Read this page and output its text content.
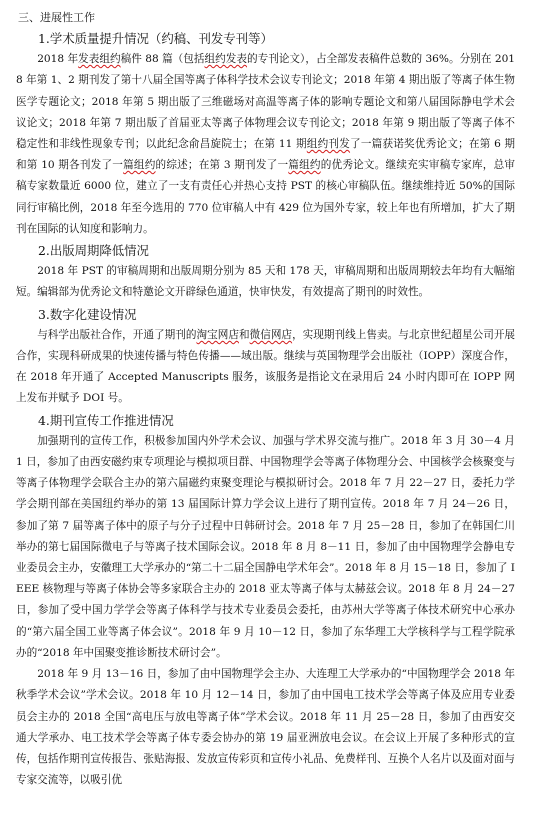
三、进展性工作
1.学术质量提升情况（约稿、刊发专刊等）

2018 年发表组约稿件 88 篇（包括组约发表的专刊论文），占全部发表稿件总数的 36%。分别在 2018 年第 1、2 期刊发了第十八届全国等离子体科学技术会议专刊论文；2018 年第 4 期出版了等离子体生物医学专题论文；2018 年第 5 期出版了三维磁场对高温等离子体的影响专题论文和第八届国际静电学术会议论文；2018 年第 7 期出版了首届亚太等离子体物理会议专刊论文；2018 年第 9 期出版了等离子体不稳定性和非线性现象专刊；以此纪念俞昌旋院士；在第 11 期组约刊发了一篇获诺奖优秀论文；在第 6 期和第 10 期各刊发了一篇组约的综述；在第 3 期刊发了一篇组约的优秀论文。继续充实审稿专家库，总审稿专家数量近 6000 位，建立了一支有责任心并热心支持 PST 的核心审稿队伍。继续维持近 50%的国际同行审稿比例，2018 年至今选用的 770 位审稿人中有 429 位为国外专家，较上年也有所增加，扩大了期刊在国际的认知度和影响力。

2.出版周期降低情况

2018 年 PST 的审稿周期和出版周期分别为 85 天和 178 天，审稿周期和出版周期较去年均有大幅缩短。编辑部为优秀论文和特邀论文开辟绿色通道，快审快发，有效提高了期刊的时效性。

3.数字化建设情况

与科学出版社合作，开通了期刊的淘宝网店和微信网店，实现期刊线上售卖。与北京世纪超星公司开展合作，实现科研成果的快速传播与特色传播——域出版。继续与英国物理学会出版社（IOPP）深度合作，在 2018 年开通了 Accepted Manuscripts 服务，该服务是指论文在录用后 24 小时内即可在 IOPP 网上发布并赋予 DOI 号。

4.期刊宣传工作推进情况

加强期刊的宣传工作，积极参加国内外学术会议、加强与学术界交流与推广。2018 年 3 月 30－4 月 1 日，参加了由西安磁约束专项理论与模拟项目群、中国物理学会等离子体物理分会、中国核学会核聚变与等离子体物理学会联合主办的第六届磁约束聚变理论与模拟研讨会。2018 年 7 月 22－27 日，委托力学学会期刊部在美国纽约举办的第 13 届国际计算力学会议上进行了期刊宣传。2018 年 7 月 24－26 日，参加了第 7 届等离子体中的原子与分子过程中日韩研讨会。2018 年 7 月 25－28 日，参加了在韩国仁川举办的第七届国际微电子与等离子技术国际会议。2018 年 8 月 8－11 日，参加了由中国物理学会静电专业委员会主办，安徽理工大学承办的“第二十二届全国静电学术年会”。2018 年 8 月 15－18 日，参加了 IEEE 核物理与等离子体协会等多家联合主办的 2018 亚太等离子体与太赫兹会议。2018 年 8 月 24－27 日，参加了受中国力学学会等离子体科学与技术专业委员会委托，由苏州大学等离子体技术研究中心承办的“第六届全国工业等离子体会议”。2018 年 9 月 10－12 日，参加了东华理工大学核科学与工程学院承办的“2018 年中国聚变推诊断技术研讨会”。

2018 年 9 月 13－16 日，参加了由中国物理学会主办、大连理工大学承办的“中国物理学会 2018 年秋季学术会议”学术会议。2018 年 10 月 12－14 日，参加了由中国电工技术学会等离子体及应用专业委员会主办的 2018 全国“高电压与放电等离子体”学术会议。2018 年 11 月 25－28 日，参加了由西安交通大学承办、电工技术学会等离子体专委会协办的第 19 届亚洲放电会议。在会议上开展了多种形式的宣传，包括作期刊宣传报告、张贴海报、发放宣传彩页和宣传小礼品、免费样刊、互换个人名片以及面对面与专家交流等，以吸引优
